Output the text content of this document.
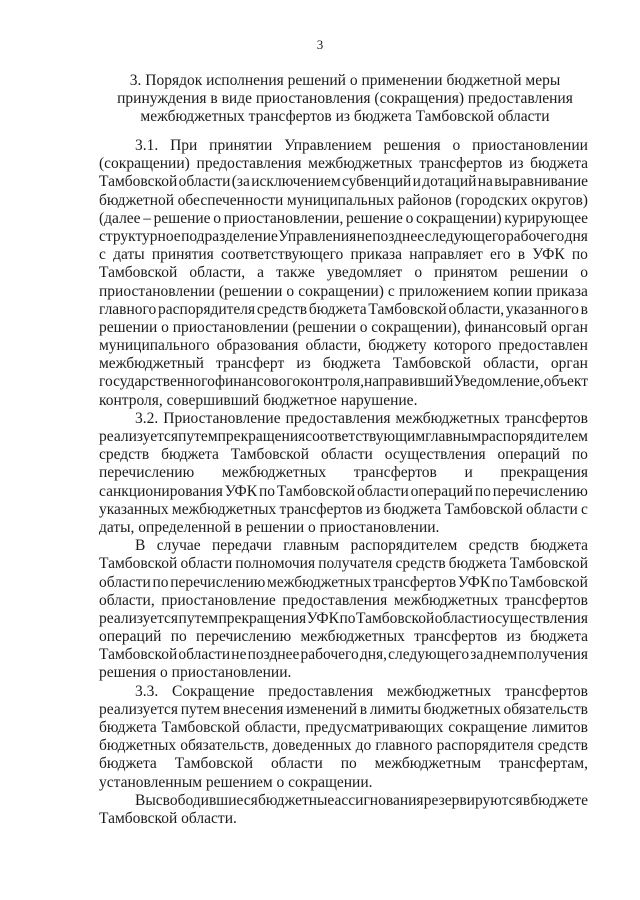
3
3. Порядок исполнения решений о применении бюджетной меры
принуждения в виде приостановления (сокращения) предоставления
межбюджетных трансфертов из бюджета Тамбовской области
3.1. При принятии Управлением решения о приостановлении
(сокращении) предоставления межбюджетных трансфертов из бюджета
Тамбовской области (за исключением субвенций и дотаций на выравнивание
бюджетной обеспеченности муниципальных районов (городских округов)
(далее – решение о приостановлении, решение о сокращении) курирующее
структурное подразделение Управления не позднее следующего рабочего дня
с даты принятия соответствующего приказа направляет его в УФК по
Тамбовской области, а также уведомляет о принятом решении о
приостановлении (решении о сокращении) с приложением копии приказа
главного распорядителя средств бюджета Тамбовской области, указанного в
решении о приостановлении (решении о сокращении), финансовый орган
муниципального образования области, бюджету которого предоставлен
межбюджетный трансферт из бюджета Тамбовской области, орган
государственного финансового контроля, направивший Уведомление, объект
контроля, совершивший бюджетное нарушение.
3.2. Приостановление предоставления межбюджетных трансфертов
реализуется путем прекращения соответствующим главным распорядителем
средств бюджета Тамбовской области осуществления операций по
перечислению межбюджетных трансфертов и прекращения
санкционирования УФК по Тамбовской области операций по перечислению
указанных межбюджетных трансфертов из бюджета Тамбовской области с
даты, определенной в решении о приостановлении.
В случае передачи главным распорядителем средств бюджета
Тамбовской области полномочия получателя средств бюджета Тамбовской
области по перечислению межбюджетных трансфертов УФК по Тамбовской
области, приостановление предоставления межбюджетных трансфертов
реализуется путем прекращения УФК по Тамбовской области осуществления
операций по перечислению межбюджетных трансфертов из бюджета
Тамбовской области не позднее рабочего дня, следующего за днем получения
решения о приостановлении.
3.3. Сокращение предоставления межбюджетных трансфертов
реализуется путем внесения изменений в лимиты бюджетных обязательств
бюджета Тамбовской области, предусматривающих сокращение лимитов
бюджетных обязательств, доведенных до главного распорядителя средств
бюджета Тамбовской области по межбюджетным трансфертам,
установленным решением о сокращении.
Высвободившиеся бюджетные ассигнования резервируются в бюджете
Тамбовской области.
